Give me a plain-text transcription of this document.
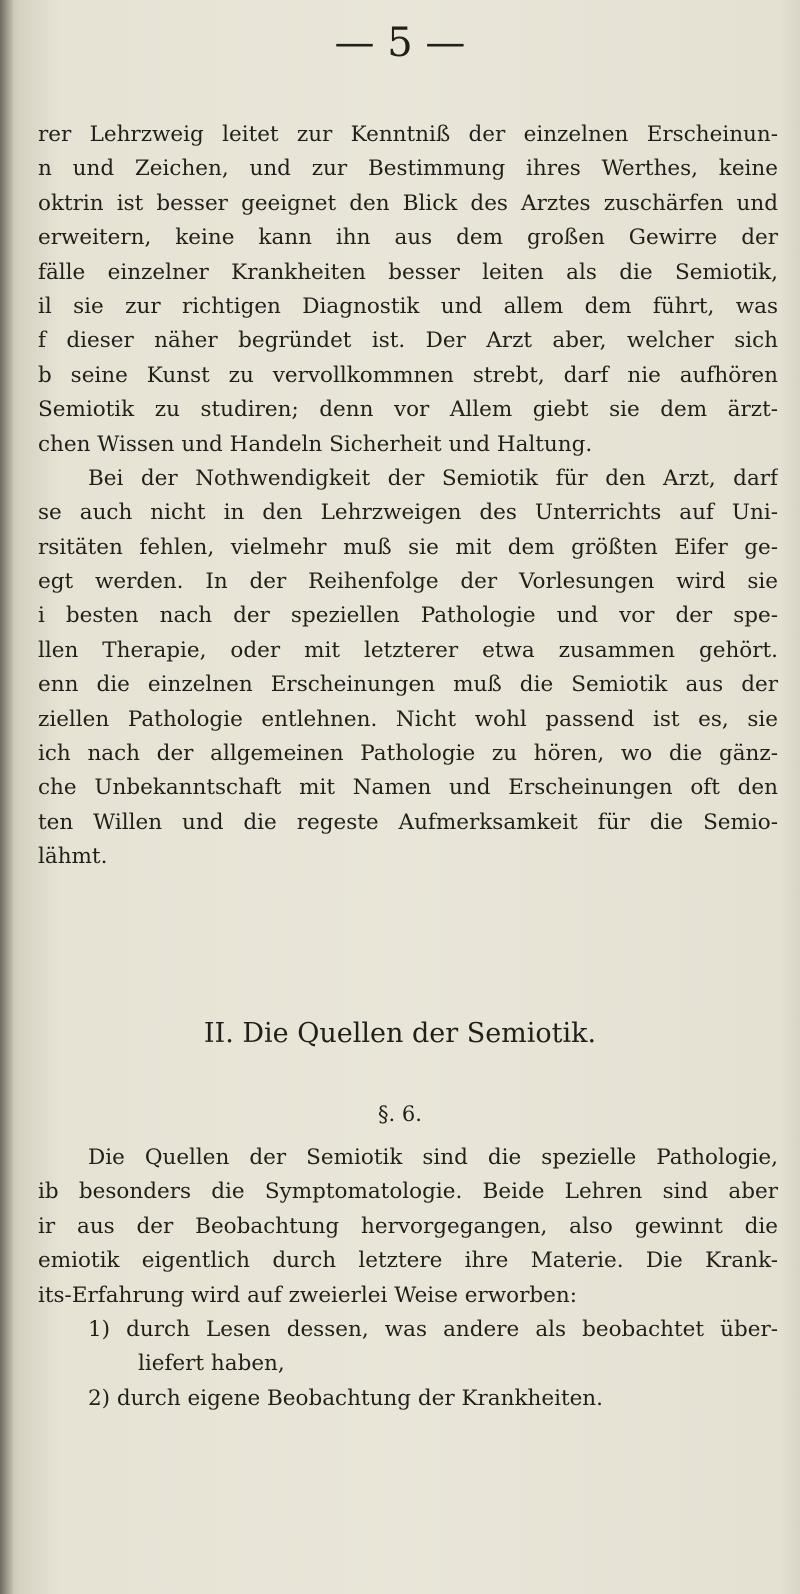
— 5 —
rer Lehrzweig leitet zur Kenntniß der einzelnen Erscheinun-
n und Zeichen, und zur Bestimmung ihres Werthes, keine
oktrin ist besser geeignet den Blick des Arztes zuschärfen und
erweitern, keine kann ihn aus dem großen Gewirre der
fälle einzelner Krankheiten besser leiten als die Semiotik,
il sie zur richtigen Diagnostik und allem dem führt, was
f dieser näher begründet ist. Der Arzt aber, welcher sich
b seine Kunst zu vervollkommnen strebt, darf nie aufhören
Semiotik zu studiren; denn vor Allem giebt sie dem ärzt-
chen Wissen und Handeln Sicherheit und Haltung.
Bei der Nothwendigkeit der Semiotik für den Arzt, darf
se auch nicht in den Lehrzweigen des Unterrichts auf Uni-
rsitäten fehlen, vielmehr muß sie mit dem größten Eifer ge-
egt werden. In der Reihenfolge der Vorlesungen wird sie
i besten nach der speziellen Pathologie und vor der spe-
llen Therapie, oder mit letzterer etwa zusammen gehört.
enn die einzelnen Erscheinungen muß die Semiotik aus der
ziellen Pathologie entlehnen. Nicht wohl passend ist es, sie
ich nach der allgemeinen Pathologie zu hören, wo die gänz-
che Unbekanntschaft mit Namen und Erscheinungen oft den
ten Willen und die regeste Aufmerksamkeit für die Semio-
lähmt.
II. Die Quellen der Semiotik.
§. 6.
Die Quellen der Semiotik sind die spezielle Pathologie,
ib besonders die Symptomatologie. Beide Lehren sind aber
ir aus der Beobachtung hervorgegangen, also gewinnt die
emiotik eigentlich durch letztere ihre Materie. Die Krank-
its-Erfahrung wird auf zweierlei Weise erworben:
1) durch Lesen dessen, was andere als beobachtet über-
liefert haben,
2) durch eigene Beobachtung der Krankheiten.
